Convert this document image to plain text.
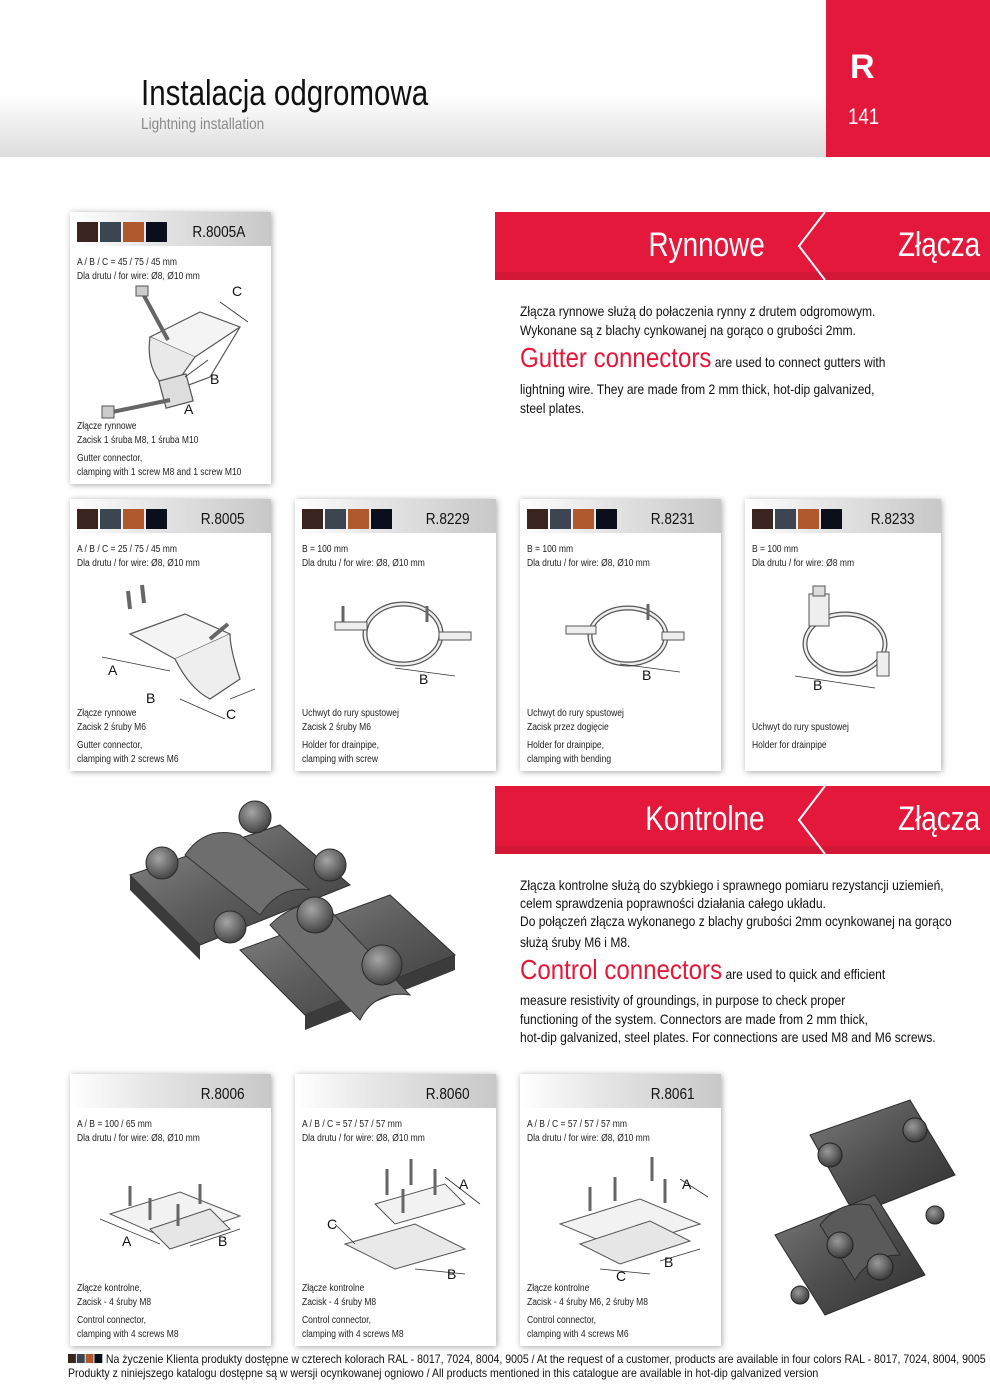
Instalacja odgromowa
Lightning installation
R
141
R.8005A
A / B / C = 45 / 75 / 45 mm
Dla drutu / for wire: Ø8, Ø10 mm
C
B
A
Złącze rynnowe
Zacisk 1 śruba M8, 1 śruba M10
Gutter connector,
clamping with 1 screw M8 and 1 screw M10
Rynnowe	Złącza
Złącza rynnowe służą do połaczenia rynny z drutem odgromowym.
Wykonane są z blachy cynkowanej na gorąco o grubości 2mm.
Gutter connectors are used to connect gutters with
lightning wire. They are made from 2 mm thick, hot-dip galvanized,
steel plates.
R.8005
A / B / C = 25 / 75 / 45 mm
Dla drutu / for wire: Ø8, Ø10 mm
A
B
C
Złącze rynnowe
Zacisk 2 śruby M6
Gutter connector,
clamping with 2 screws M6
R.8229
B = 100 mm
Dla drutu / for wire: Ø8, Ø10 mm
B
Uchwyt do rury spustowej
Zacisk 2 śruby M6
Holder for drainpipe,
clamping with screw
R.8231
B = 100 mm
Dla drutu / for wire: Ø8, Ø10 mm
B
Uchwyt do rury spustowej
Zacisk przez dogięcie
Holder for drainpipe,
clamping with bending
R.8233
B = 100 mm
Dla drutu / for wire: Ø8 mm
B
Uchwyt do rury spustowej
Holder for drainpipe
Kontrolne	Złącza
Złącza kontrolne służą do szybkiego i sprawnego pomiaru rezystancji uziemień,
celem sprawdzenia poprawności działania całego układu.
Do połączeń złącza wykonanego z blachy grubości 2mm ocynkowanej na gorąco
służą śruby M6 i M8.
Control connectors are used to quick and efficient
measure resistivity of groundings, in purpose to check proper
functioning of the system. Connectors are made from 2 mm thick,
hot-dip galvanized, steel plates. For connections are used M8 and M6 screws.
R.8006
A / B = 100 / 65 mm
Dla drutu / for wire: Ø8, Ø10 mm
A	B
Złącze kontrolne,
Zacisk - 4 śruby M8
Control connector,
clamping with 4 screws M8
R.8060
A / B / C = 57 / 57 / 57 mm
Dla drutu / for wire: Ø8, Ø10 mm
A
B
C
Złącze kontrolne
Zacisk - 4 śruby M8
Control connector,
clamping with 4 screws M8
R.8061
A / B / C = 57 / 57 / 57 mm
Dla drutu / for wire: Ø8, Ø10 mm
A
B
C
Złącze kontrolne
Zacisk - 4 śruby M6, 2 śruby M8
Control connector,
clamping with 4 screws M6
Na życzenie Klienta produkty dostępne w czterech kolorach RAL - 8017, 7024, 8004, 9005 / At the request of a customer, products are available in four colors RAL - 8017, 7024, 8004, 9005
Produkty z niniejszego katalogu dostępne są w wersji ocynkowanej ogniowo / All products mentioned in this catalogue are available in hot-dip galvanized version
